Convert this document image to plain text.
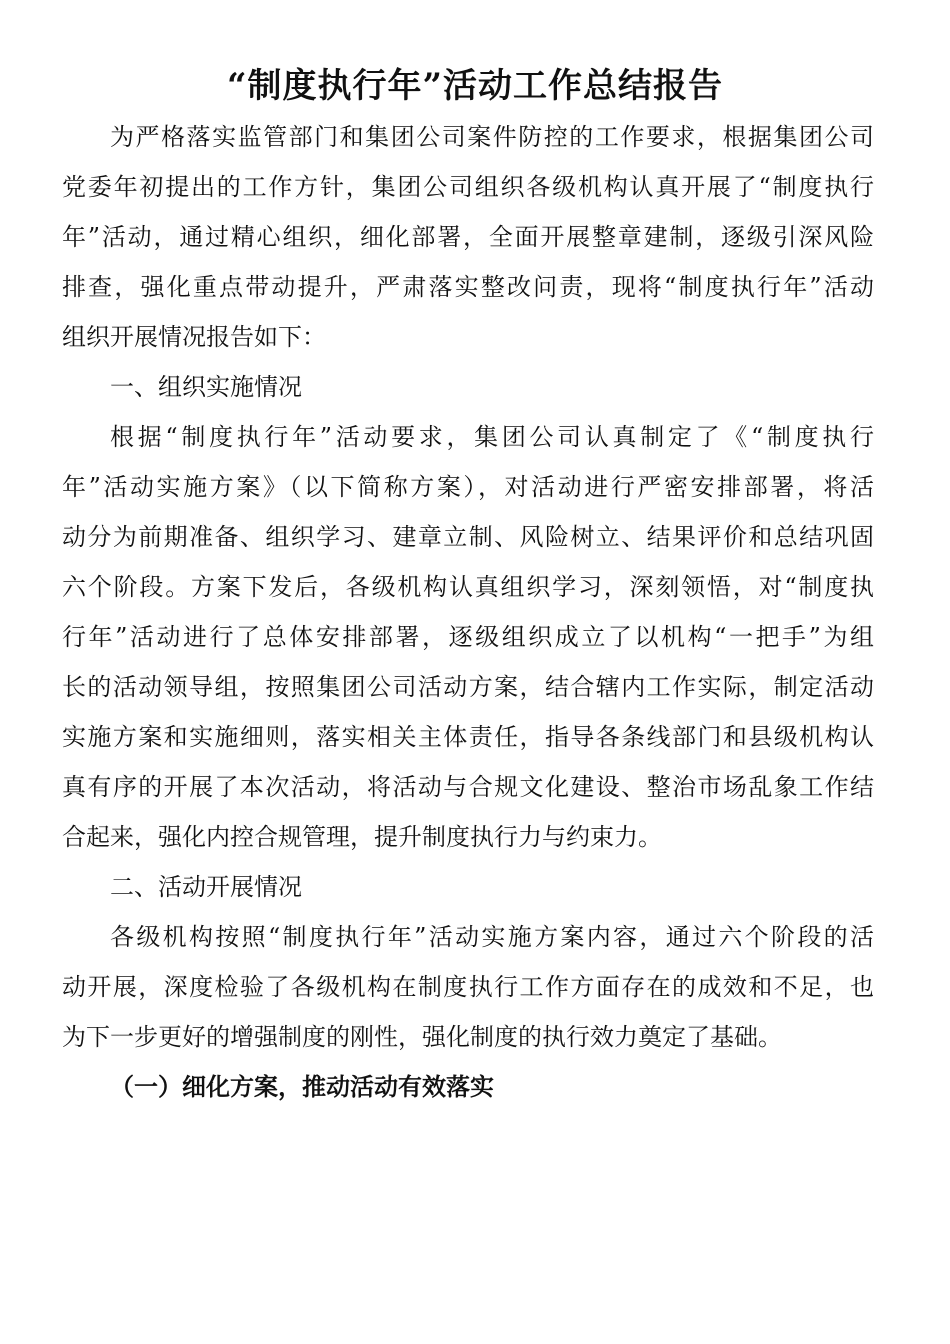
“制度执行年”活动工作总结报告
为严格落实监管部门和集团公司案件防控的工作要求，根据集团公司
党委年初提出的工作方针，集团公司组织各级机构认真开展了“制度执行
年”活动，通过精心组织，细化部署，全面开展整章建制，逐级引深风险
排查，强化重点带动提升，严肃落实整改问责，现将“制度执行年”活动
组织开展情况报告如下：
一、组织实施情况
根据“制度执行年”活动要求，集团公司认真制定了《“制度执行
年”活动实施方案》（以下简称方案），对活动进行严密安排部署，将活
动分为前期准备、组织学习、建章立制、风险树立、结果评价和总结巩固
六个阶段。方案下发后，各级机构认真组织学习，深刻领悟，对“制度执
行年”活动进行了总体安排部署，逐级组织成立了以机构“一把手”为组
长的活动领导组，按照集团公司活动方案，结合辖内工作实际，制定活动
实施方案和实施细则，落实相关主体责任，指导各条线部门和县级机构认
真有序的开展了本次活动，将活动与合规文化建设、整治市场乱象工作结
合起来，强化内控合规管理，提升制度执行力与约束力。
二、活动开展情况
各级机构按照“制度执行年”活动实施方案内容，通过六个阶段的活
动开展，深度检验了各级机构在制度执行工作方面存在的成效和不足，也
为下一步更好的增强制度的刚性，强化制度的执行效力奠定了基础。
（一）细化方案，推动活动有效落实
